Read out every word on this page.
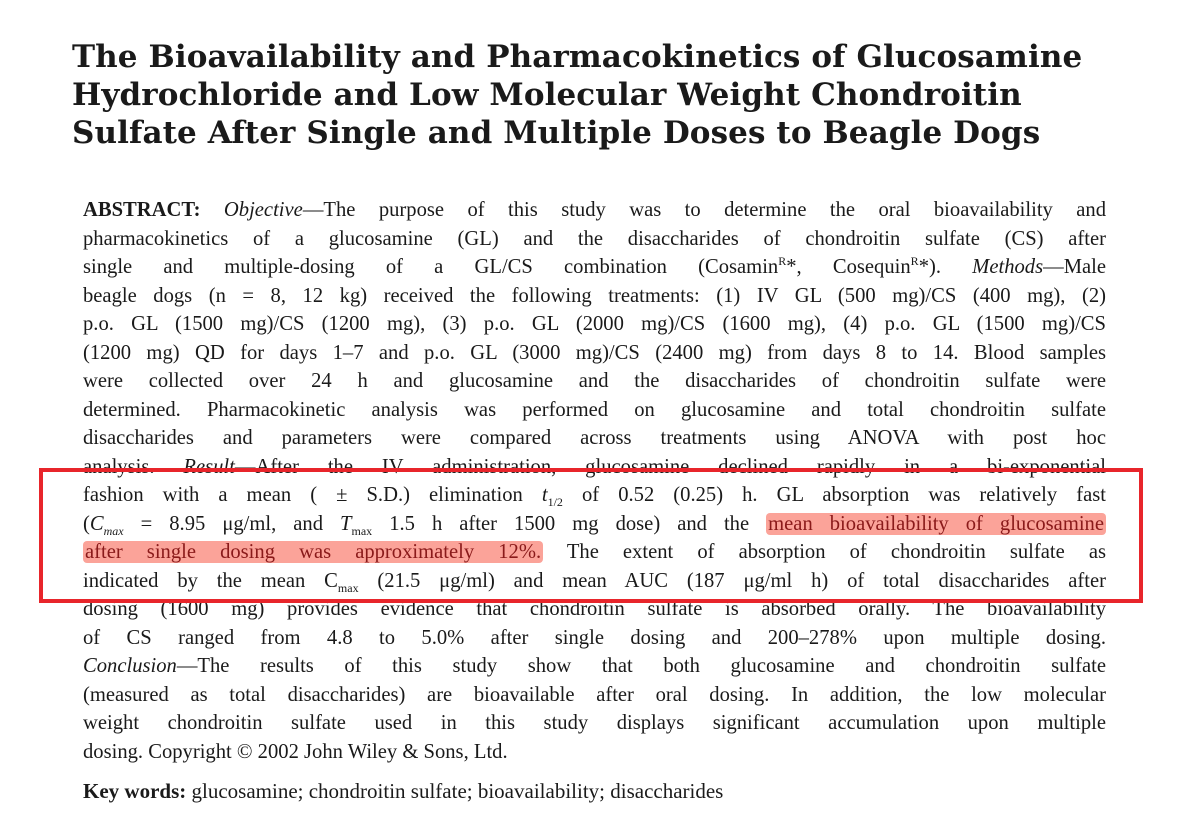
The Bioavailability and Pharmacokinetics of Glucosamine
Hydrochloride and Low Molecular Weight Chondroitin
Sulfate After Single and Multiple Doses to Beagle Dogs
ABSTRACT: Objective—The purpose of this study was to determine the oral bioavailability and
pharmacokinetics of a glucosamine (GL) and the disaccharides of chondroitin sulfate (CS) after
single and multiple-dosing of a GL/CS combination (Cosamin$^R$*, Cosequin$^R$*). Methods—Male
beagle dogs (n = 8, 12 kg) received the following treatments: (1) IV GL (500 mg)/CS (400 mg), (2)
p.o. GL (1500 mg)/CS (1200 mg), (3) p.o. GL (2000 mg)/CS (1600 mg), (4) p.o. GL (1500 mg)/CS
(1200 mg) QD for days 1–7 and p.o. GL (3000 mg)/CS (2400 mg) from days 8 to 14. Blood samples
were collected over 24 h and glucosamine and the disaccharides of chondroitin sulfate were
determined. Pharmacokinetic analysis was performed on glucosamine and total chondroitin sulfate
disaccharides and parameters were compared across treatments using ANOVA with post hoc
analysis. Result—After the IV administration, glucosamine declined rapidly in a bi-exponential
fashion with a mean ( ± S.D.) elimination $t_{1/2}$ of 0.52 (0.25) h. GL absorption was relatively fast
($C_{max} = 8.95$ μg/ml, and $T_{max}$ 1.5 h after 1500 mg dose) and the mean bioavailability of glucosamine
after single dosing was approximately 12%. The extent of absorption of chondroitin sulfate as
indicated by the mean $C_{max}$ (21.5 μg/ml) and mean AUC (187 μg/ml h) of total disaccharides after
dosing (1600 mg) provides evidence that chondroitin sulfate is absorbed orally. The bioavailability
of CS ranged from 4.8 to 5.0% after single dosing and 200–278% upon multiple dosing.
Conclusion—The results of this study show that both glucosamine and chondroitin sulfate
(measured as total disaccharides) are bioavailable after oral dosing. In addition, the low molecular
weight chondroitin sulfate used in this study displays significant accumulation upon multiple
dosing. Copyright © 2002 John Wiley & Sons, Ltd.

Key words: glucosamine; chondroitin sulfate; bioavailability; disaccharides
